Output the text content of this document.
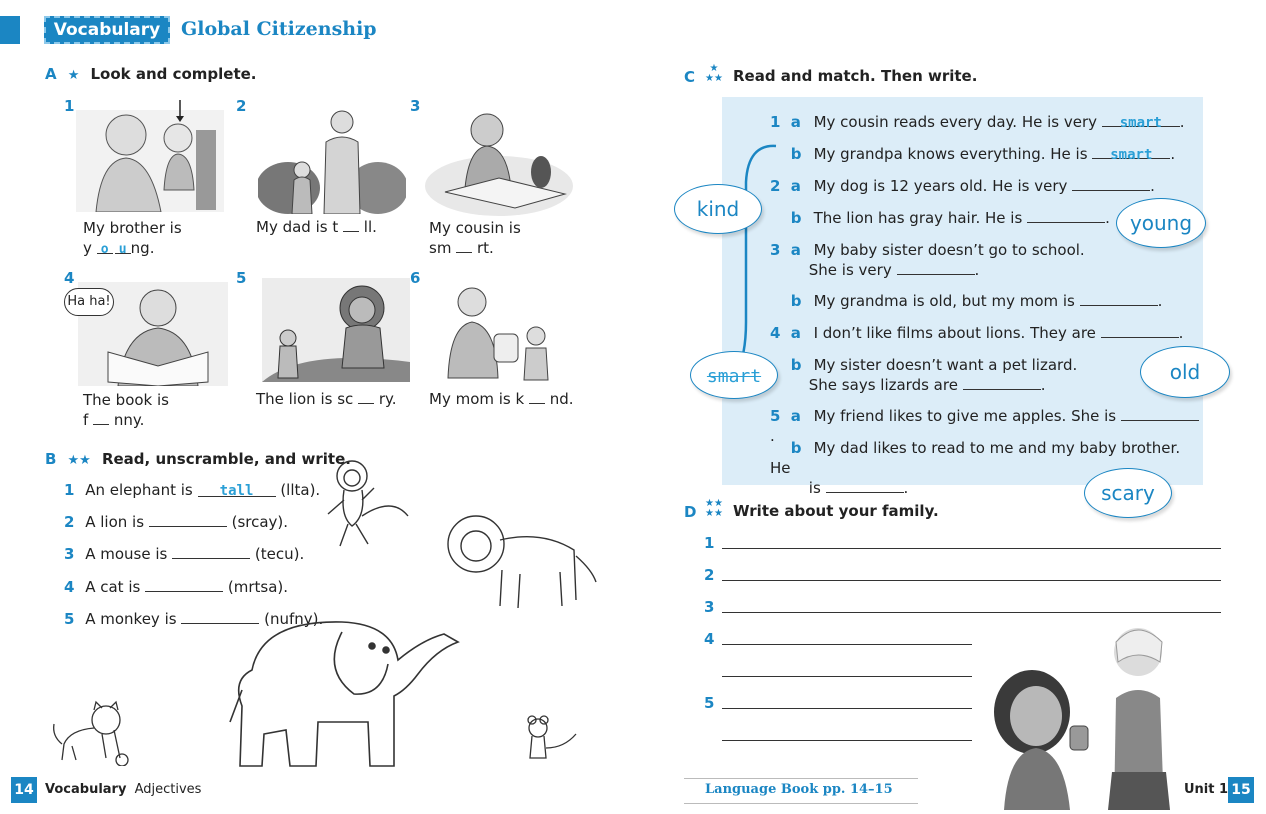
Vocabulary	Global Citizenship
A ★ Look and complete.
1
My brother is
y o u ng.
2
My dad is t ll.
3
My cousin is
sm rt.
4
Ha ha!
The book is
f nny.
5
The lion is sc ry.
6
My mom is k nd.
B ★★ Read, unscramble, and write.
1 An elephant is tall (llta).
2 A lion is	(srcay).
3 A mouse is	(tecu).
4 A cat is	(mrtsa).
5 A monkey is	(nufny).
C	★
★★ Read and match. Then write.
1 a My cousin reads every day. He is very smart .
b My grandpa knows everything. He is smart .
2 a My dog is 12 years old. He is very	.
b The lion has gray hair. He is	.
3 a My baby sister doesn’t go to school.
She is very	.
b My grandma is old, but my mom is	.
4 a I don’t like films about lions. They are	.
b My sister doesn’t want a pet lizard.
She says lizards are	.
5 a My friend likes to give me apples. She is .
b My dad likes to read to me and my baby brother. He
is	.
kind
young
smart	old
scary
D ★★
★★ Write about your family.
1
2
3
4
5
14 Vocabulary Adjectives	Language Book pp. 14–15	Unit 1 15
